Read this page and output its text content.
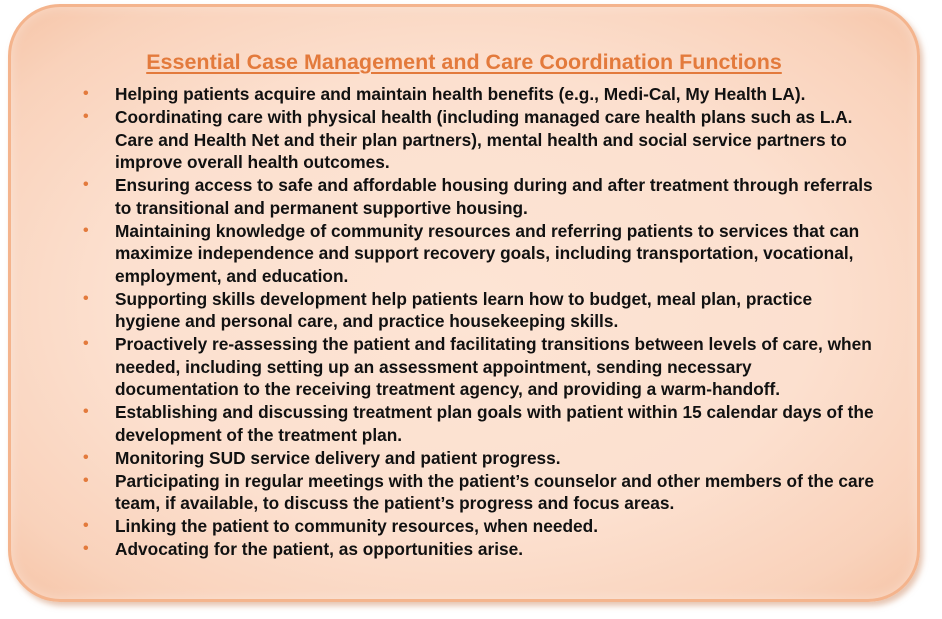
Essential Case Management and Care Coordination Functions
• Helping patients acquire and maintain health benefits (e.g., Medi-Cal, My Health LA).
• Coordinating care with physical health (including managed care health plans such as L.A. Care and Health Net and their plan partners), mental health and social service partners to improve overall health outcomes.
• Ensuring access to safe and affordable housing during and after treatment through referrals to transitional and permanent supportive housing.
• Maintaining knowledge of community resources and referring patients to services that can maximize independence and support recovery goals, including transportation, vocational, employment, and education.
• Supporting skills development help patients learn how to budget, meal plan, practice hygiene and personal care, and practice housekeeping skills.
• Proactively re-assessing the patient and facilitating transitions between levels of care, when needed, including setting up an assessment appointment, sending necessary documentation to the receiving treatment agency, and providing a warm-handoff.
• Establishing and discussing treatment plan goals with patient within 15 calendar days of the development of the treatment plan.
• Monitoring SUD service delivery and patient progress.
• Participating in regular meetings with the patient’s counselor and other members of the care team, if available, to discuss the patient’s progress and focus areas.
• Linking the patient to community resources, when needed.
• Advocating for the patient, as opportunities arise.
